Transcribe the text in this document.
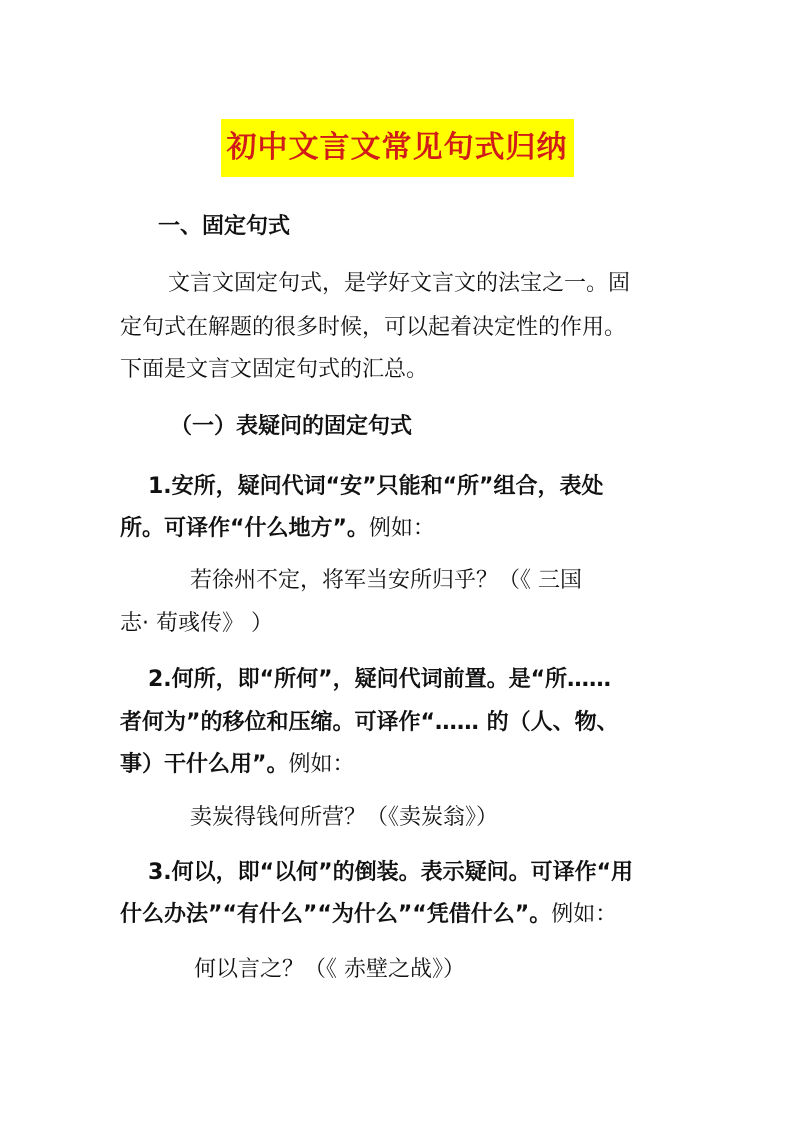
初中文言文常见句式归纳
一、固定句式
文言文固定句式，是学好文言文的法宝之一。固
定句式在解题的很多时候，可以起着决定性的作用。
下面是文言文固定句式的汇总。
（一）表疑问的固定句式
1.安所，疑问代词“安”只能和“所”组合，表处
所。可译作“什么地方”。例如：
若徐州不定，将军当安所归乎？（《 三国
志· 荀彧传》 ）
2.何所，即“所何”，疑问代词前置。是“所……
者何为”的移位和压缩。可译作“…… 的（人、物、
事）干什么用”。例如：
卖炭得钱何所营？（《卖炭翁》）
3.何以，即“以何”的倒装。表示疑问。可译作“用
什么办法”“有什么”“为什么”“凭借什么”。例如：
何以言之？（《 赤壁之战》）
